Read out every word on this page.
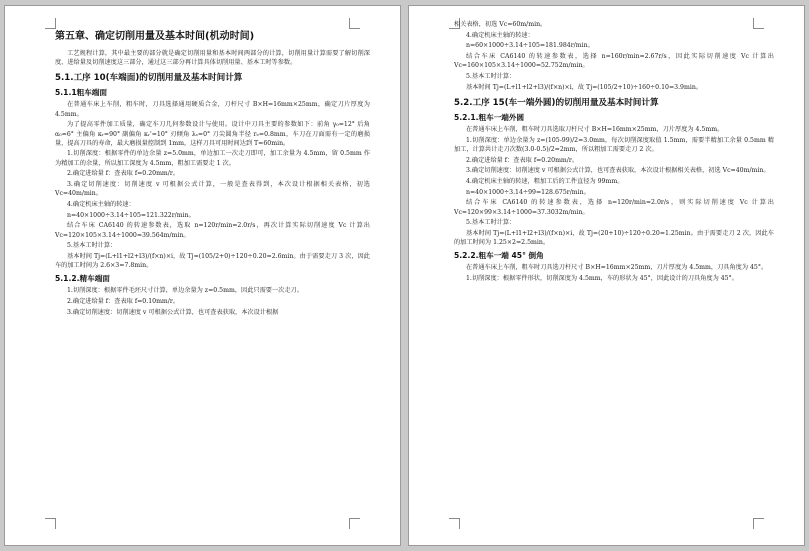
第五章、确定切削用量及基本时间(机动时间)
工艺规程计算，其中最主要的部分就是确定切削用量和基本时间两部分的计算，切削用量计算需要了解切削深度、进给量及切削速度这三部分，通过这三部分再计算具体切削用量、基本工时等参数。
5.1.工序 10(车端面)的切削用量及基本时间计算
5.1.1粗车端面
在普通车床上车削，粗车时，刀具选择通用硬质合金，刀杆尺寸 B×H=16mm×25mm，确定刀片厚度为 4.5mm。
为了提高零件加工质量，确定车刀几何参数设计与使用。设计中刀具主要的参数如下：前角 γ₀=12° 后角 α₀=6° 主偏角 κᵣ=90° 副偏角 κᵣ'=10° 刃倾角 λₛ=0° 刀尖圆角半径 rₑ=0.8mm，车刀在刀面需有一定的磨损量，提高刀具的寿命，最大磨损量控制到 1mm，这样刀具可用时间达到 T=60min。
1.切削深度：根据零件的单边余量 z=5.0mm，单边加工一次走刀即可，加工余量为 4.5mm，留 0.5mm 作为精加工的余量，所以加工深度为 4.5mm，粗加工需要走 1 次。
2.确定进给量 f：查表取 f=0.20mm/r。
3.确定切削速度：切削速度 v 可根据公式计算，一般是查表得到，本次设计根据相关表格，初选 Vc=40m/min。
4.确定机床主轴的转速：
n=40×1000÷3.14÷105=121.322r/min。
结合车床 CA6140 的转速参数表，选取 n=120r/min=2.0r/s，再次计算实际切削速度 Vc 计算出 Vc=120×105×3.14÷1000=39.564m/min。
5.基本工时计算：
基本时间 Tj=(L+l1+l2+l3)/(f×n)×i，故 Tj=(105/2+0)÷120÷0.20=2.6min。由于需要走刀 3 次，因此车的加工时间为 2.6×3=7.8min。
5.1.2.精车端面
1.切削深度：根据零件毛坯尺寸计算，单边余量为 z=0.5mm，因此只需要一次走刀。
2.确定进给量 f：查表取 f=0.10mm/r。
3.确定切削速度：切削速度 v 可根据公式计算，也可查表获取，本次设计根据
相关表格，初选 Vc=60m/min。
4.确定机床主轴的转速：
n=60×1000÷3.14÷105=181.984r/min。
结合车床 CA6140 的转速参数表，选择 n=160r/min=2.67r/s，因此实际切削速度 Vc 计算出 Vc=160×105×3.14÷1000=52.752m/min。
5.基本工时计算：
基本时间 Tj=(L+l1+l2+l3)/(f×n)×i，故 Tj=(105/2+10)÷160÷0.10=3.9min。
5.2.工序 15(车一端外圆)的切削用量及基本时间计算
5.2.1.粗车一端外圆
在普通车床上车削，粗车时刀具选取刀杆尺寸 B×H=16mm×25mm，刀片厚度为 4.5mm。
1.切削深度：单边余量为 z=(105-99)/2=3.0mm，每次切削深度取值 1.5mm，需要半精加工余量 0.5mm 精加工，计算共计走刀次数(3.0-0.5)/2=2mm，所以粗加工需要走刀 2 次。
2.确定进给量 f：查表取 f=0.20mm/r。
3.确定切削速度：切削速度 v 可根据公式计算，也可查表获取，本次设计根据相关表格，初选 Vc=40m/min。
4.确定机床主轴的转速，粗加工后的工件直径为 99mm。
n=40×1000÷3.14÷99=128.675r/min。
结合车床 CA6140 的转速参数表，选择 n=120r/min=2.0r/s，则实际切削速度 Vc 计算出 Vc=120×99×3.14÷1000=37.3032m/min。
5.基本工时计算：
基本时间 Tj=(L+l1+l2+l3)/(f×n)×i，故 Tj=(20+10)÷120÷0.20=1.25min。由于需要走刀 2 次，因此车的加工时间为 1.25×2=2.5min。
5.2.2.粗车一端 45° 倒角
在普通车床上车削，粗车时刀具选刀杆尺寸 B×H=16mm×25mm，刀片厚度为 4.5mm，刀具角度为 45°。
1.切削深度：根据零件形状，切削深度为 4.5mm，车的形状为 45°，因此设计的刀具角度为 45°。
